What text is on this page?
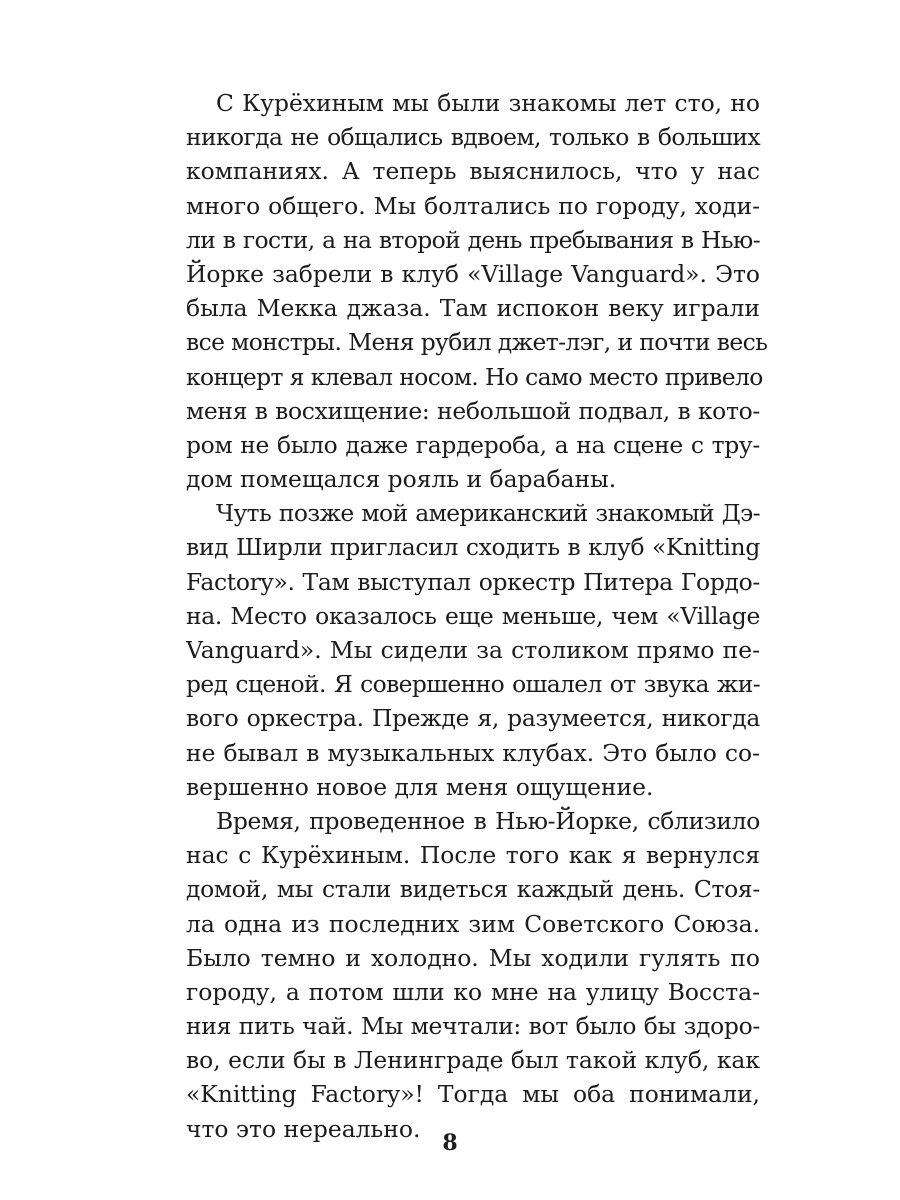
С Курёхиным мы были знакомы лет сто, но
никогда не общались вдвоем, только в больших
компаниях. А теперь выяснилось, что у нас
много общего. Мы болтались по городу, ходи-
ли в гости, а на второй день пребывания в Нью-
Йорке забрели в клуб «Village Vanguard». Это
была Мекка джаза. Там испокон веку играли
все монстры. Меня рубил джет-лэг, и почти весь
концерт я клевал носом. Но само место привело
меня в восхищение: небольшой подвал, в кото-
ром не было даже гардероба, а на сцене с тру-
дом помещался рояль и барабаны.
Чуть позже мой американский знакомый Дэ-
вид Ширли пригласил сходить в клуб «Knitting
Factory». Там выступал оркестр Питера Гордо-
на. Место оказалось еще меньше, чем «Village
Vanguard». Мы сидели за столиком прямо пе-
ред сценой. Я совершенно ошалел от звука жи-
вого оркестра. Прежде я, разумеется, никогда
не бывал в музыкальных клубах. Это было со-
вершенно новое для меня ощущение.
Время, проведенное в Нью-Йорке, сблизило
нас с Курёхиным. После того как я вернулся
домой, мы стали видеться каждый день. Стоя-
ла одна из последних зим Советского Союза.
Было темно и холодно. Мы ходили гулять по
городу, а потом шли ко мне на улицу Восста-
ния пить чай. Мы мечтали: вот было бы здоро-
во, если бы в Ленинграде был такой клуб, как
«Knitting Factory»! Тогда мы оба понимали,
что это нереально.
8
